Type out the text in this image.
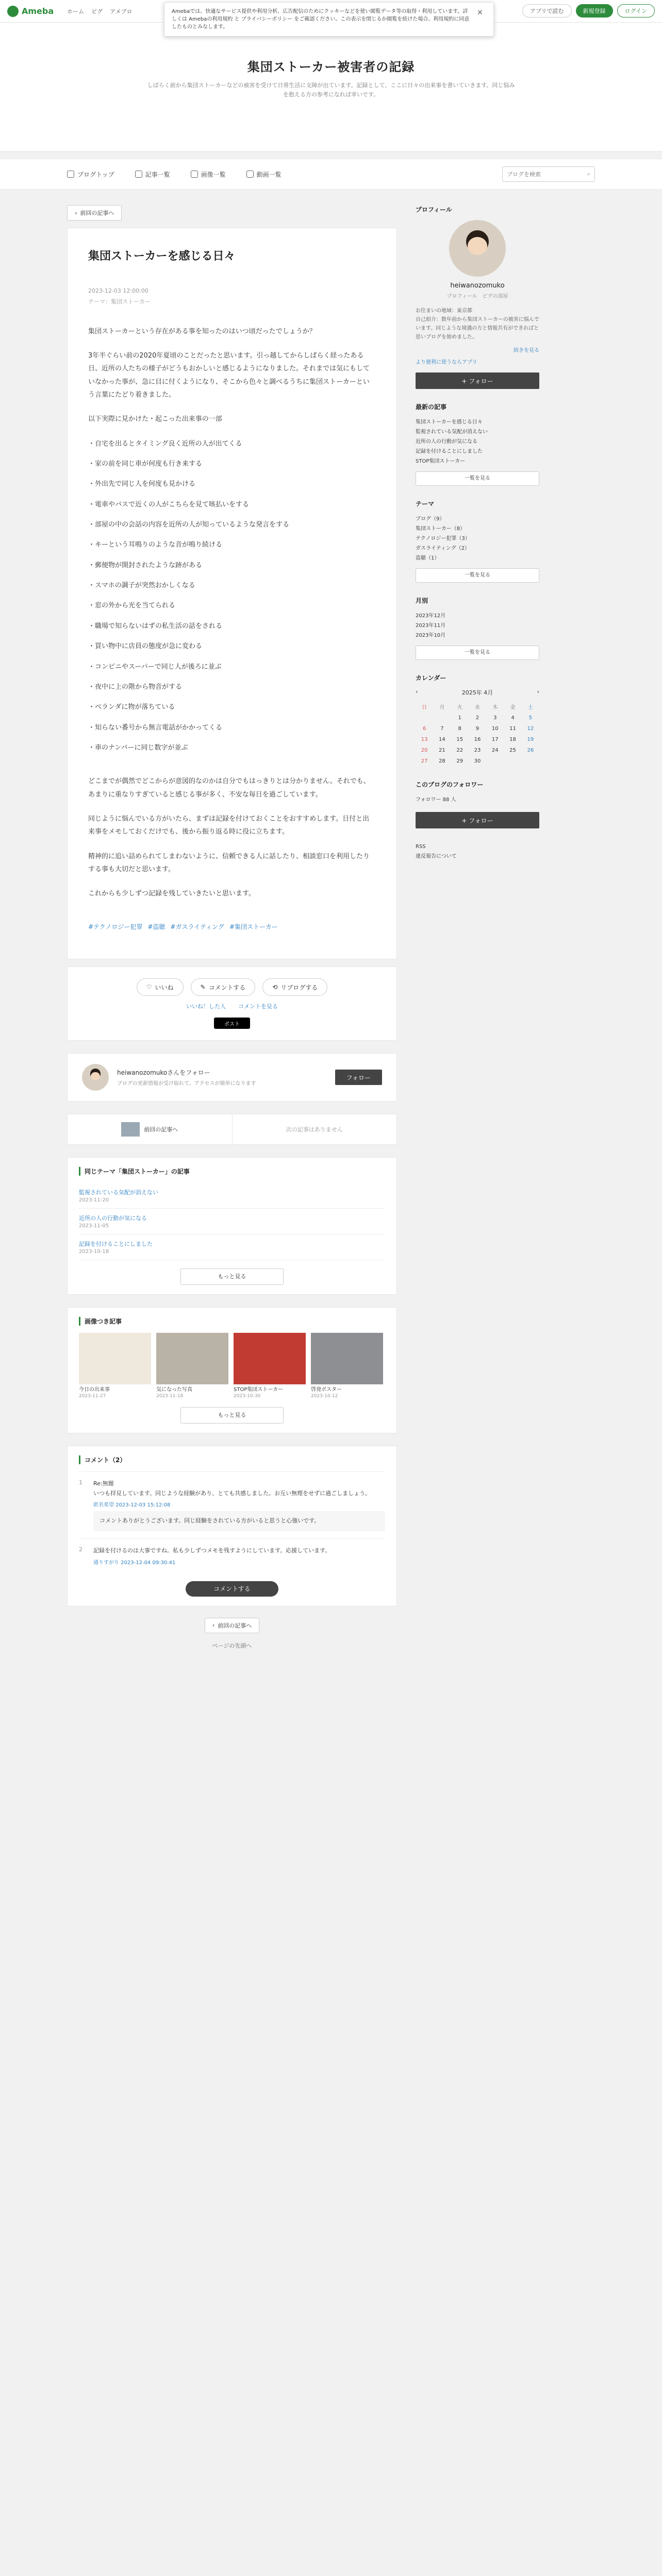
Ameba ホーム ピグ アメブロ	アプリで読む	新規登録	ログイン

Amebaでは、快適なサービス提供や利用分析、広告配信のためにクッキーなどを使い閲覧データ等の取得・利用しています。詳しくは Amebaの利用規約 と プライバシーポリシー をご確認ください。この表示を閉じるか閲覧を続けた場合、利用規約に同意したものとみなします。

✕
集団ストーカー被害者の記録
しばらく前から集団ストーカーなどの被害を受けて日常生活に支障が出ています。記録として、ここに日々の出来事を書いていきます。同じ悩みを抱える方の参考になれば幸いです。
ブログトップ	記事一覧	画像一覧	動画一覧
ブログを検索	⌕
‹ 前回の記事へ
集団ストーカーを感じる日々
2023-12-03 12:00:00
テーマ：集団ストーカー

集団ストーカーという存在がある事を知ったのはいつ頃だったでしょうか？

3年半ぐらい前の2020年夏頃のことだったと思います。引っ越してからしばらく経ったある日、近所の人たちの様子がどうもおかしいと感じるようになりました。それまでは気にもしていなかった事が、急に目に付くようになり、そこから色々と調べるうちに集団ストーカーという言葉にたどり着きました。

以下実際に見かけた・起こった出来事の一部

・自宅を出るとタイミング良く近所の人が出てくる
・家の前を同じ車が何度も行き来する
・外出先で同じ人を何度も見かける
・電車やバスで近くの人がこちらを見て咳払いをする
・部屋の中の会話の内容を近所の人が知っているような発言をする
・キーという耳鳴りのような音が鳴り続ける
・郵便物が開封されたような跡がある
・スマホの調子が突然おかしくなる
・窓の外から光を当てられる
・職場で知らないはずの私生活の話をされる
・買い物中に店員の態度が急に変わる
・コンビニやスーパーで同じ人が後ろに並ぶ
・夜中に上の階から物音がする
・ベランダに物が落ちている
・知らない番号から無言電話がかかってくる
・車のナンバーに同じ数字が並ぶ

どこまでが偶然でどこからが意図的なのかは自分でもはっきりとは分かりません。それでも、あまりに重なりすぎていると感じる事が多く、不安な毎日を過ごしています。

同じように悩んでいる方がいたら、まずは記録を付けておくことをおすすめします。日付と出来事をメモしておくだけでも、後から振り返る時に役に立ちます。

精神的に追い詰められてしまわないように、信頼できる人に話したり、相談窓口を利用したりする事も大切だと思います。

これからも少しずつ記録を残していきたいと思います。

#テクノロジー犯罪 #盗聴 #ガスライティング #集団ストーカー
♡ いいね	✎ コメントする	⟲ リブログする
いいね！した人 コメントを見る
ポスト
heiwanozomukoさんをフォロー
ブログの更新情報が受け取れて、アクセスが簡単になります
フォロー
前回の記事へ	次の記事はありません
同じテーマ「集団ストーカー」の記事
監視されている気配が消えない
2023-11-20
近所の人の行動が気になる
2023-11-05
記録を付けることにしました
2023-10-18
もっと見る
画像つき記事
今日の出来事
2023-11-27
気になった写真
2023-11-18
STOP集団ストーカー
2023-10-30
啓発ポスター
2023-10-12
もっと見る
コメント（2）
1	Re:無題
いつも拝見しています。同じような経験があり、とても共感しました。お互い無理をせずに過ごしましょう。
匿名希望 2023-12-03 15:12:08
コメントありがとうございます。同じ経験をされている方がいると思うと心強いです。
2	記録を付けるのは大事ですね。私も少しずつメモを残すようにしています。応援しています。
通りすがり 2023-12-04 09:30:41
コメントする
‹ 前回の記事へ
ページの先頭へ
プロフィール
heiwanozomuko
プロフィール　ピグの部屋
お住まいの地域：東京都
自己紹介：数年前から集団ストーカーの被害に悩んでいます。同じような境遇の方と情報共有ができればと思いブログを始めました。
続きを見る
より便利に使うならアプリ
+ フォロー
最新の記事
集団ストーカーを感じる日々
監視されている気配が消えない
近所の人の行動が気になる
記録を付けることにしました
STOP集団ストーカー
一覧を見る
テーマ
ブログ（9）
集団ストーカー（8）
テクノロジー犯罪（3）
ガスライティング（2）
盗聴（1）
一覧を見る
月別
2023年12月
2023年11月
2023年10月
一覧を見る
カレンダー
‹	2025年 4月	›
日	月	火	水	木	金	土
		1	2	3	4	5
6	7	8	9	10	11	12
13	14	15	16	17	18	19
20	21	22	23	24	25	26
27	28	29	30			
このブログのフォロワー
フォロワー 88 人
+ フォロー
RSS
違反報告について
